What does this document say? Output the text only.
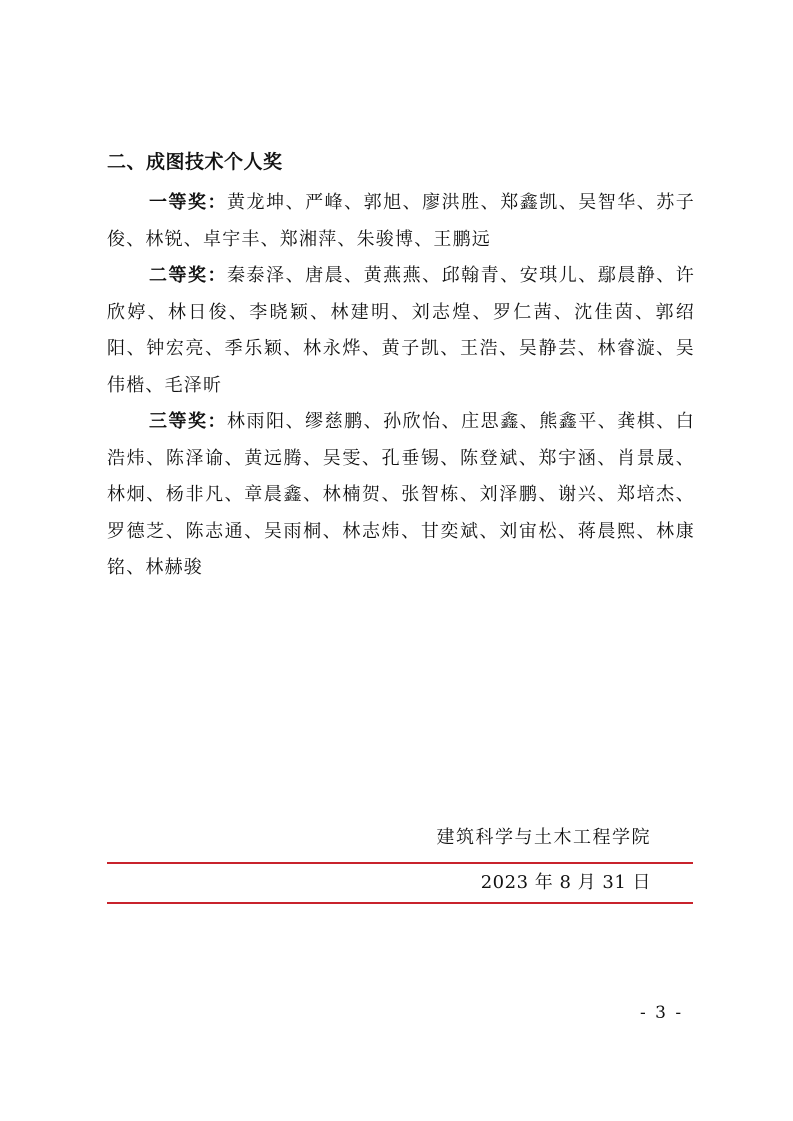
二、成图技术个人奖

一等奖：黄龙坤、严峰、郭旭、廖洪胜、郑鑫凯、吴智华、苏子俊、林锐、卓宇丰、郑湘萍、朱骏博、王鹏远

二等奖：秦泰泽、唐晨、黄燕燕、邱翰青、安琪儿、鄢晨静、许欣婷、林日俊、李晓颖、林建明、刘志煌、罗仁茜、沈佳茵、郭绍阳、钟宏亮、季乐颖、林永烨、黄子凯、王浩、吴静芸、林睿漩、吴伟楷、毛泽昕

三等奖：林雨阳、缪慈鹏、孙欣怡、庄思鑫、熊鑫平、龚棋、白浩炜、陈泽谕、黄远腾、吴雯、孔垂锡、陈登斌、郑宇涵、肖景晟、林炯、杨非凡、章晨鑫、林楠贺、张智栋、刘泽鹏、谢兴、郑培杰、罗德芝、陈志通、吴雨桐、林志炜、甘奕斌、刘宙松、蒋晨熙、林康铭、林赫骏

建筑科学与土木工程学院
2023 年 8 月 31 日
- 3 -
